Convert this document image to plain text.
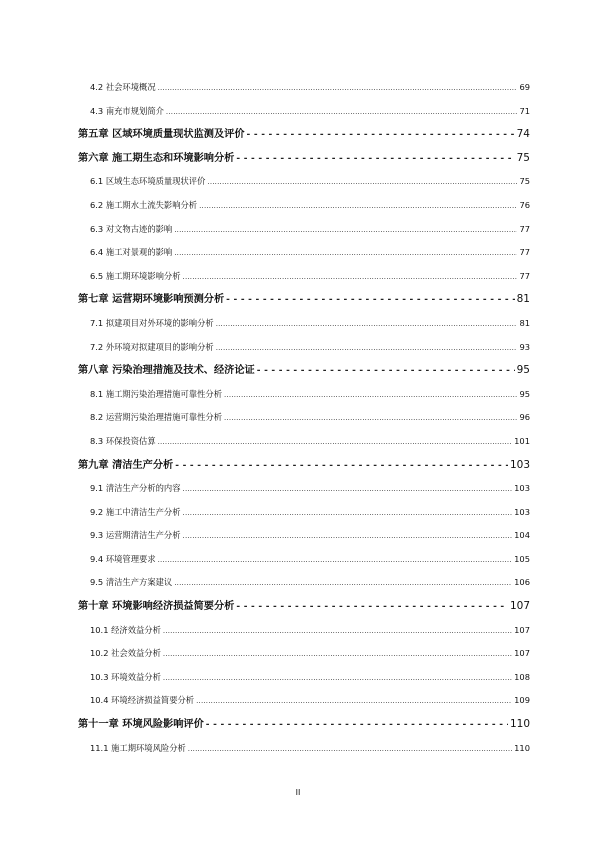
4.2 社会环境概况 .....	69
4.3 南充市规划简介 .....	71
第五章 区域环境质量现状监测及评价 -----	74
第六章 施工期生态和环境影响分析 -----	75
6.1 区域生态环境质量现状评价 .....	75
6.2 施工期水土流失影响分析 .....	76
6.3 对文物古迹的影响 .....	77
6.4 施工对景观的影响 .....	77
6.5 施工期环境影响分析 .....	77
第七章 运营期环境影响预测分析 -----	81
7.1 拟建项目对外环境的影响分析 .....	81
7.2 外环境对拟建项目的影响分析 .....	93
第八章 污染治理措施及技术、经济论证 -----	95
8.1 施工期污染治理措施可靠性分析 .....	95
8.2 运营期污染治理措施可靠性分析 .....	96
8.3 环保投资估算 .....	101
第九章 清洁生产分析 -----	103
9.1 清洁生产分析的内容 .....	103
9.2 施工中清洁生产分析 .....	103
9.3 运营期清洁生产分析 .....	104
9.4 环境管理要求 .....	105
9.5 清洁生产方案建议 .....	106
第十章 环境影响经济损益简要分析 -----	107
10.1 经济效益分析 .....	107
10.2 社会效益分析 .....	107
10.3 环境效益分析 .....	108
10.4 环境经济损益简要分析 .....	109
第十一章 环境风险影响评价 -----	110
11.1 施工期环境风险分析 .....	110
II
